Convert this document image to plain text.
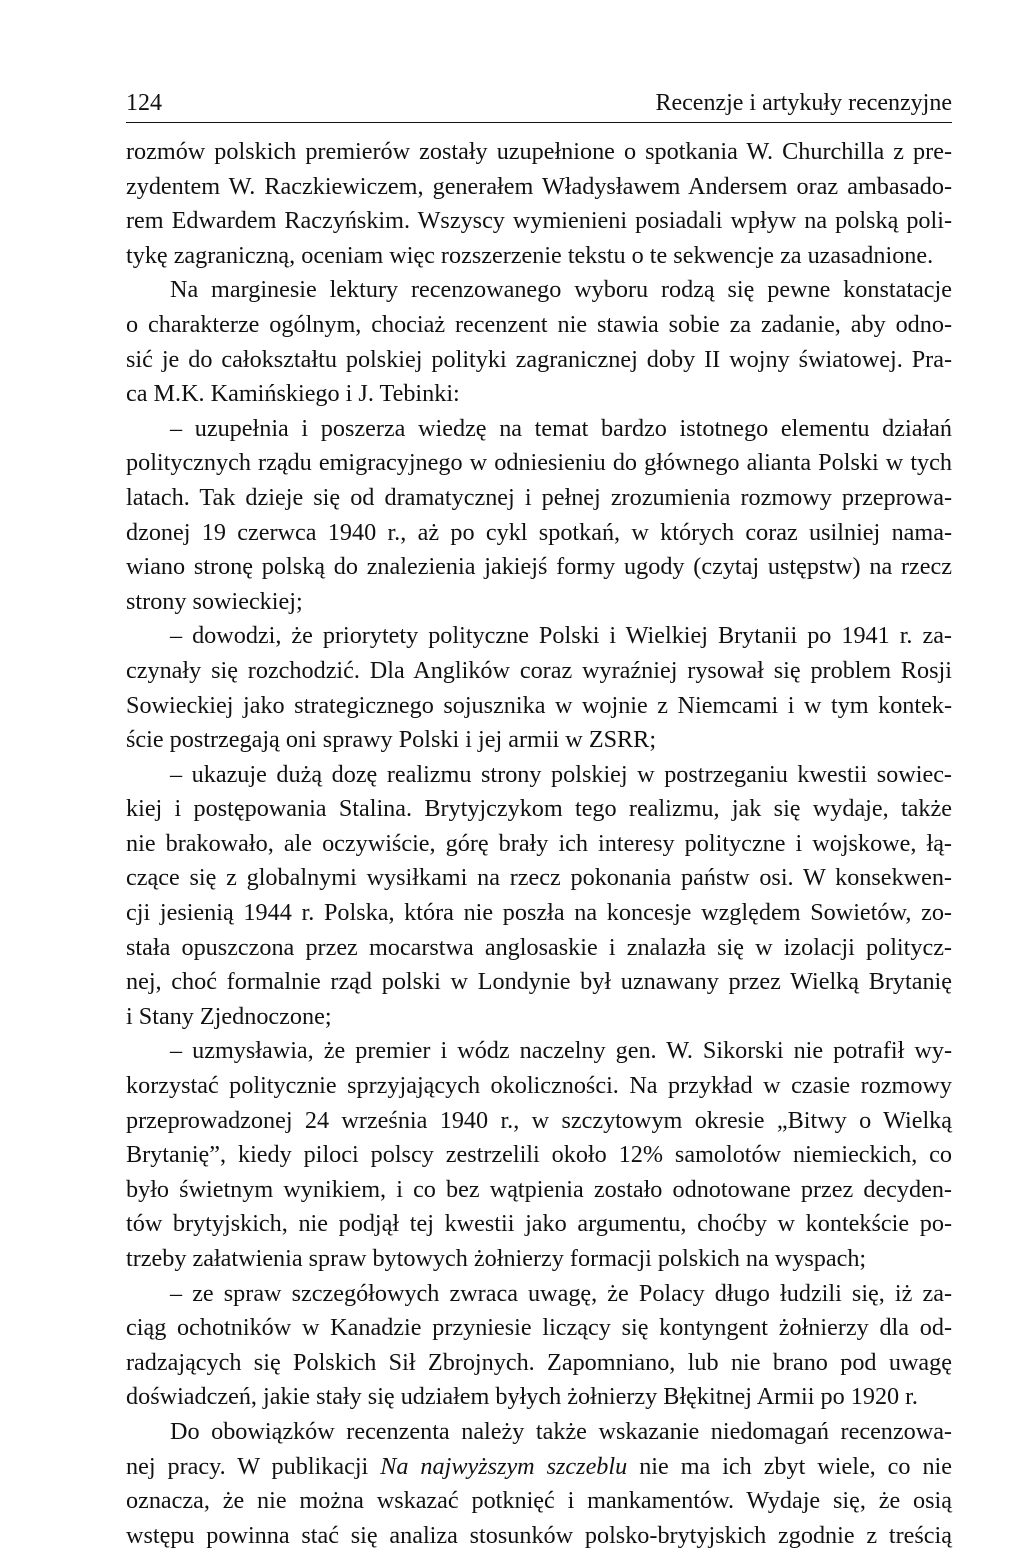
124	Recenzje i artykuły recenzyjne
rozmów polskich premierów zostały uzupełnione o spotkania W. Churchilla z pre-
zydentem W. Raczkiewiczem, generałem Władysławem Andersem oraz ambasado-
rem Edwardem Raczyńskim. Wszyscy wymienieni posiadali wpływ na polską poli-
tykę zagraniczną, oceniam więc rozszerzenie tekstu o te sekwencje za uzasadnione.
Na marginesie lektury recenzowanego wyboru rodzą się pewne konstatacje
o charakterze ogólnym, chociaż recenzent nie stawia sobie za zadanie, aby odno-
sić je do całokształtu polskiej polityki zagranicznej doby II wojny światowej. Pra-
ca M.K. Kamińskiego i J. Tebinki:
– uzupełnia i poszerza wiedzę na temat bardzo istotnego elementu działań
politycznych rządu emigracyjnego w odniesieniu do głównego alianta Polski w tych
latach. Tak dzieje się od dramatycznej i pełnej zrozumienia rozmowy przeprowa-
dzonej 19 czerwca 1940 r., aż po cykl spotkań, w których coraz usilniej nama-
wiano stronę polską do znalezienia jakiejś formy ugody (czytaj ustępstw) na rzecz
strony sowieckiej;
– dowodzi, że priorytety polityczne Polski i Wielkiej Brytanii po 1941 r. za-
czynały się rozchodzić. Dla Anglików coraz wyraźniej rysował się problem Rosji
Sowieckiej jako strategicznego sojusznika w wojnie z Niemcami i w tym kontek-
ście postrzegają oni sprawy Polski i jej armii w ZSRR;
– ukazuje dużą dozę realizmu strony polskiej w postrzeganiu kwestii sowiec-
kiej i postępowania Stalina. Brytyjczykom tego realizmu, jak się wydaje, także
nie brakowało, ale oczywiście, górę brały ich interesy polityczne i wojskowe, łą-
czące się z globalnymi wysiłkami na rzecz pokonania państw osi. W konsekwen-
cji jesienią 1944 r. Polska, która nie poszła na koncesje względem Sowietów, zo-
stała opuszczona przez mocarstwa anglosaskie i znalazła się w izolacji politycz-
nej, choć formalnie rząd polski w Londynie był uznawany przez Wielką Brytanię
i Stany Zjednoczone;
– uzmysławia, że premier i wódz naczelny gen. W. Sikorski nie potrafił wy-
korzystać politycznie sprzyjających okoliczności. Na przykład w czasie rozmowy
przeprowadzonej 24 września 1940 r., w szczytowym okresie „Bitwy o Wielką
Brytanię”, kiedy piloci polscy zestrzelili około 12% samolotów niemieckich, co
było świetnym wynikiem, i co bez wątpienia zostało odnotowane przez decyden-
tów brytyjskich, nie podjął tej kwestii jako argumentu, choćby w kontekście po-
trzeby załatwienia spraw bytowych żołnierzy formacji polskich na wyspach;
– ze spraw szczegółowych zwraca uwagę, że Polacy długo łudzili się, iż za-
ciąg ochotników w Kanadzie przyniesie liczący się kontyngent żołnierzy dla od-
radzających się Polskich Sił Zbrojnych. Zapomniano, lub nie brano pod uwagę
doświadczeń, jakie stały się udziałem byłych żołnierzy Błękitnej Armii po 1920 r.
Do obowiązków recenzenta należy także wskazanie niedomagań recenzowa-
nej pracy. W publikacji Na najwyższym szczeblu nie ma ich zbyt wiele, co nie
oznacza, że nie można wskazać potknięć i mankamentów. Wydaje się, że osią
wstępu powinna stać się analiza stosunków polsko-brytyjskich zgodnie z treścią
